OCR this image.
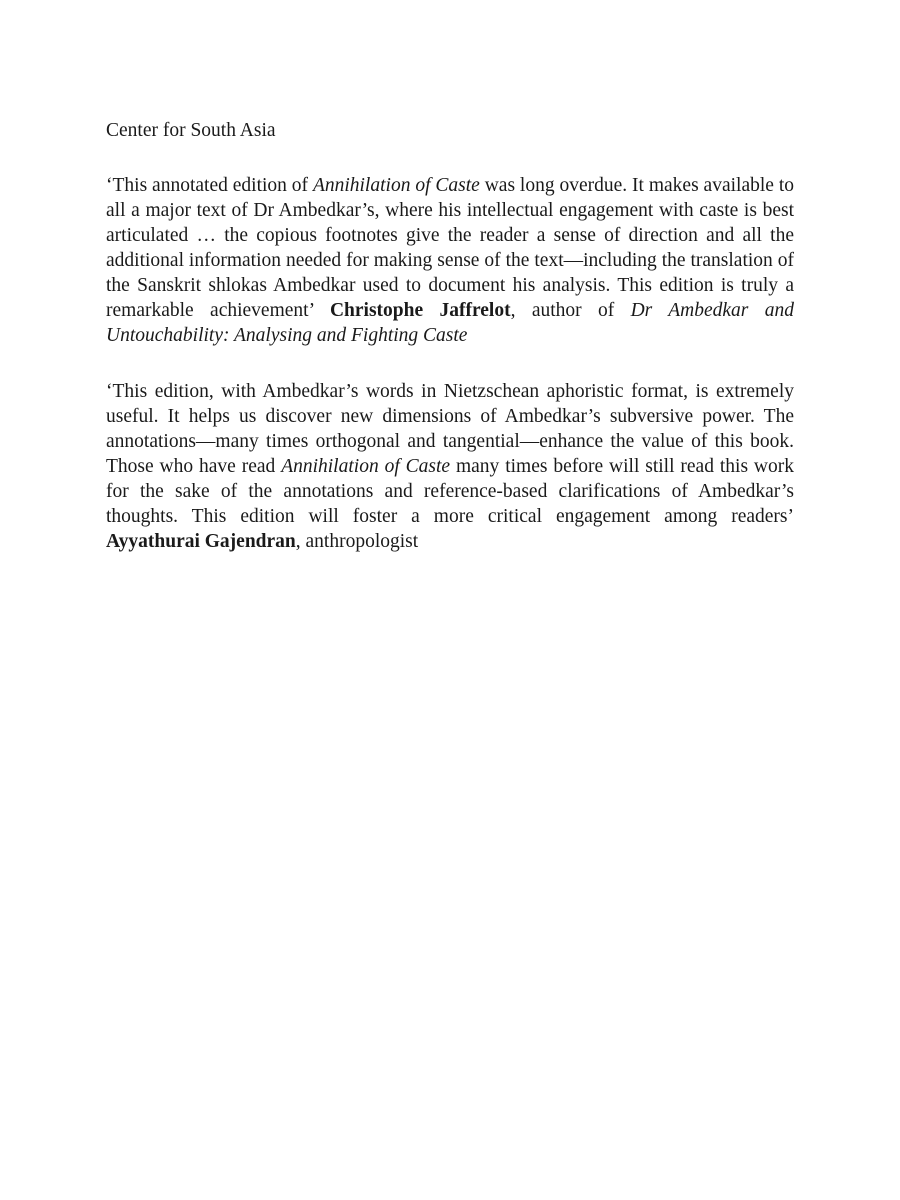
Center for South Asia

‘This annotated edition of Annihilation of Caste was long overdue. It makes available to all a major text of Dr Ambedkar’s, where his intellectual engagement with caste is best articulated … the copious footnotes give the reader a sense of direction and all the additional information needed for making sense of the text—including the translation of the Sanskrit shlokas Ambedkar used to document his analysis. This edition is truly a remarkable achievement’ Christophe Jaffrelot, author of Dr Ambedkar and Untouchability: Analysing and Fighting Caste

‘This edition, with Ambedkar’s words in Nietzschean aphoristic format, is extremely useful. It helps us discover new dimensions of Ambedkar’s subversive power. The annotations—many times orthogonal and tangential—enhance the value of this book. Those who have read Annihilation of Caste many times before will still read this work for the sake of the annotations and reference-based clarifications of Ambedkar’s thoughts. This edition will foster a more critical engagement among readers’ Ayyathurai Gajendran, anthropologist
